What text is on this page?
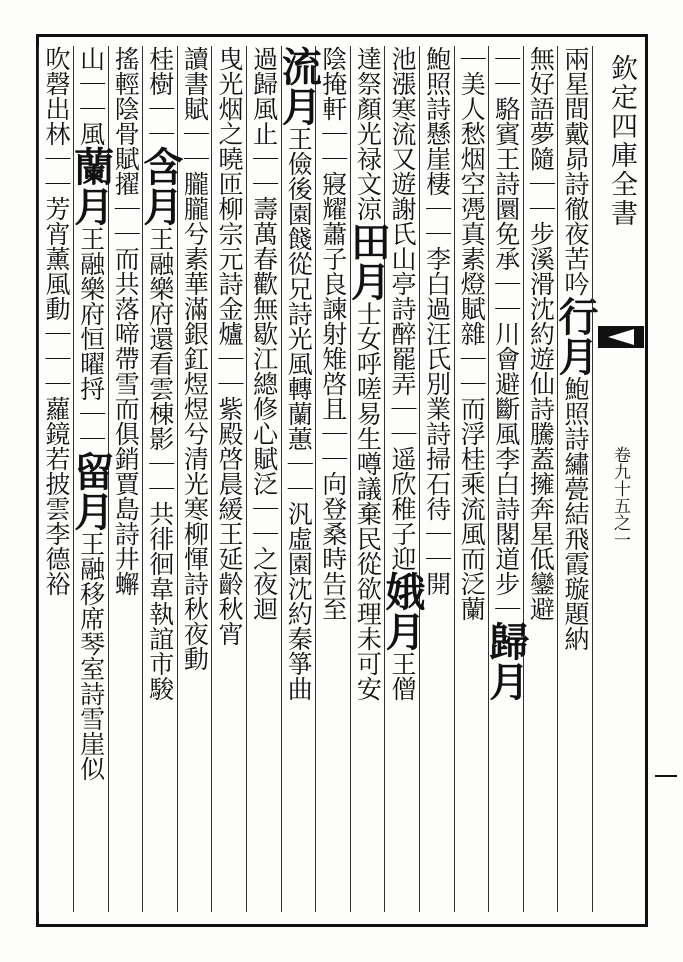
欽定四庫全書
卷九十五之一
兩星間戴昴詩徹夜苦吟行月鮑照詩繡甍結飛霞璇題納
無好語夢隨｜｜步溪滑沈約遊仙詩騰蓋擁奔星低鑾避
｜｜駱賓王詩圜免承｜｜川會避斷風李白詩閣道步｜歸月
｜美人愁烟空凴真素燈賦雜｜｜而浮桂乘流風而泛蘭
鮑照詩懸崖棲｜｜李白過汪氏別業詩掃石待｜｜開
池漲寒流又遊謝氏山亭詩醉罷弄｜｜遥欣稚子迎娥月王僧
達祭顏光禄文涼田月士女呼嗟易生噂議棄民從欲理未可安
陰掩軒｜｜寢耀蕭子良諫射雉啓且｜｜向登桑時告至
流月王儉後園餞從兄詩光風轉蘭蕙｜｜汎虛園沈約秦箏曲
過歸風止｜｜壽萬春歡無歇江總修心賦泛｜｜之夜迴
曳光烟之曉匝柳宗元詩金爐｜｜紫殿啓晨緩王延齡秋宵
讀書賦｜｜朧朧兮素華滿銀釭煜煜兮清光寒柳惲詩秋夜動
桂樹｜｜含月王融樂府還看雲棟影｜｜共徘徊韋執誼市駿
搖輕陰骨賦擢｜｜而共落啼帶雪而俱銷賈島詩井蠏
山｜｜風蘭月王融樂府恒曜捋｜｜留月王融移席琴室詩雪崖似
吹磬出林｜｜芳宵薰風動｜｜｜蘿鏡若披雲李德裕
